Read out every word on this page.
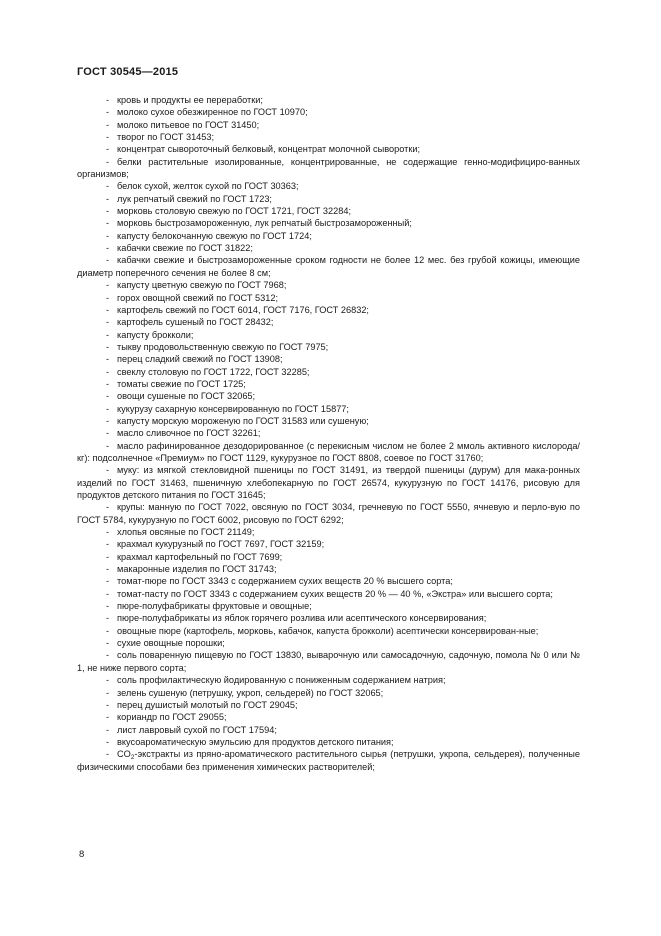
ГОСТ 30545—2015

- кровь и продукты ее переработки;

- молоко сухое обезжиренное по ГОСТ 10970;

- молоко питьевое по ГОСТ 31450;

- творог по ГОСТ 31453;

- концентрат сывороточный белковый, концентрат молочной сыворотки;

- белки растительные изолированные, концентрированные, не содержащие генно-модифициро-ванных организмов;

- белок сухой, желток сухой по ГОСТ 30363;

- лук репчатый свежий по ГОСТ 1723;

- морковь столовую свежую по ГОСТ 1721, ГОСТ 32284;

- морковь быстрозамороженную, лук репчатый быстрозамороженный;

- капусту белокочанную свежую по ГОСТ 1724;

- кабачки свежие по ГОСТ 31822;

- кабачки свежие и быстрозамороженные сроком годности не более 12 мес. без грубой кожицы, имеющие диаметр поперечного сечения не более 8 см;

- капусту цветную свежую по ГОСТ 7968;

- горох овощной свежий по ГОСТ 5312;

- картофель свежий по ГОСТ 6014, ГОСТ 7176, ГОСТ 26832;

- картофель сушеный по ГОСТ 28432;

- капусту брокколи;

- тыкву продовольственную свежую по ГОСТ 7975;

- перец сладкий свежий по ГОСТ 13908;

- свеклу столовую по ГОСТ 1722, ГОСТ 32285;

- томаты свежие по ГОСТ 1725;

- овощи сушеные по ГОСТ 32065;

- кукурузу сахарную консервированную по ГОСТ 15877;

- капусту морскую мороженую по ГОСТ 31583 или сушеную;

- масло сливочное по ГОСТ 32261;

- масло рафинированное дезодорированное (с перекисным числом не более 2 ммоль активного кислорода/кг): подсолнечное «Премиум» по ГОСТ 1129, кукурузное по ГОСТ 8808, соевое по ГОСТ 31760;

- муку: из мягкой стекловидной пшеницы по ГОСТ 31491, из твердой пшеницы (дурум) для мака-ронных изделий по ГОСТ 31463, пшеничную хлебопекарную по ГОСТ 26574, кукурузную по ГОСТ 14176, рисовую для продуктов детского питания по ГОСТ 31645;

- крупы: манную по ГОСТ 7022, овсяную по ГОСТ 3034, гречневую по ГОСТ 5550, ячневую и перло-вую по ГОСТ 5784, кукурузную по ГОСТ 6002, рисовую по ГОСТ 6292;

- хлопья овсяные по ГОСТ 21149;

- крахмал кукурузный по ГОСТ 7697, ГОСТ 32159;

- крахмал картофельный по ГОСТ 7699;

- макаронные изделия по ГОСТ 31743;

- томат-пюре по ГОСТ 3343 с содержанием сухих веществ 20 % высшего сорта;

- томат-пасту по ГОСТ 3343 с содержанием сухих веществ 20 % — 40 %, «Экстра» или высшего сорта;

- пюре-полуфабрикаты фруктовые и овощные;

- пюре-полуфабрикаты из яблок горячего розлива или асептического консервирования;

- овощные пюре (картофель, морковь, кабачок, капуста брокколи) асептически консервирован-ные;

- сухие овощные порошки;

- соль поваренную пищевую по ГОСТ 13830, выварочную или самосадочную, садочную, помола № 0 или № 1, не ниже первого сорта;

- соль профилактическую йодированную с пониженным содержанием натрия;

- зелень сушеную (петрушку, укроп, сельдерей) по ГОСТ 32065;

- перец душистый молотый по ГОСТ 29045;

- кориандр по ГОСТ 29055;

- лист лавровый сухой по ГОСТ 17594;

- вкусоароматическую эмульсию для продуктов детского питания;

- $CO_2$-экстракты из пряно-ароматического растительного сырья (петрушки, укропа, сельдерея), полученные физическими способами без применения химических растворителей;

8
